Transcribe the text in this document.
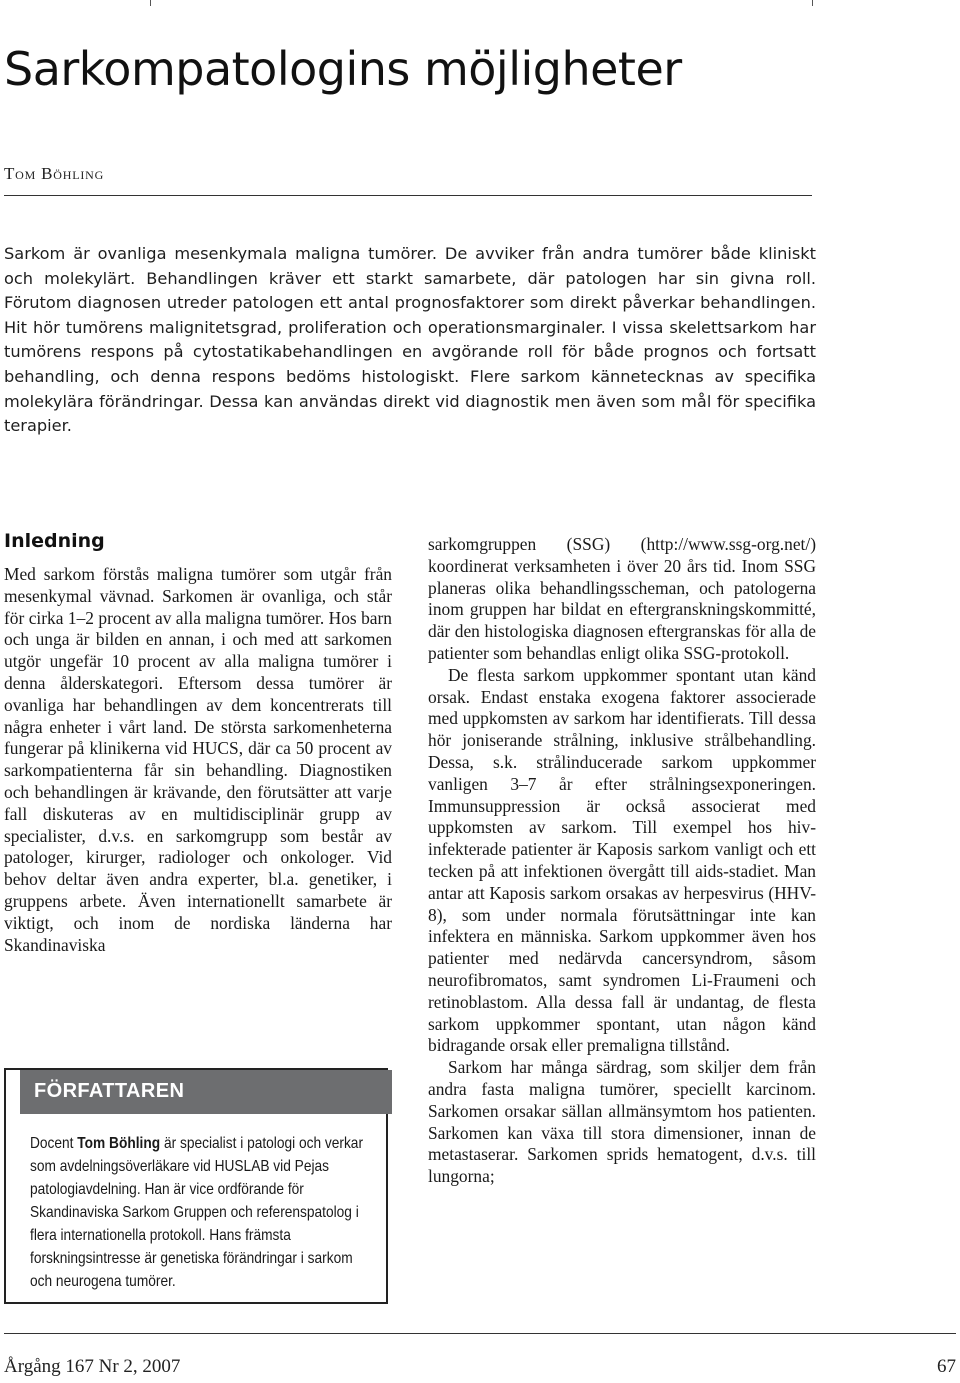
Sarkompatologins möjligheter
Tom Böhling

Sarkom är ovanliga mesenkymala maligna tumörer. De avviker från andra tumörer både kliniskt och molekylärt. Behandlingen kräver ett starkt samarbete, där patologen har sin givna roll. Förutom diagnosen utreder patologen ett antal prognosfaktorer som direkt påverkar behandlingen. Hit hör tumörens malignitetsgrad, proliferation och operationsmarginaler. I vissa skelettsarkom har tumörens respons på cytostatikabehandlingen en avgörande roll för både prognos och fortsatt behandling, och denna respons bedöms histologiskt. Flere sarkom kännetecknas av specifika molekylära förändringar. Dessa kan användas direkt vid diagnostik men även som mål för specifika terapier.

Inledning

Med sarkom förstås maligna tumörer som utgår från mesenkymal vävnad. Sarkomen är ovanliga, och står för cirka 1–2 procent av alla maligna tumörer. Hos barn och unga är bilden en annan, i och med att sarkomen utgör ungefär 10 procent av alla maligna tumörer i denna ålderskategori. Eftersom dessa tumörer är ovanliga har behandlingen av dem koncentrerats till några enheter i vårt land. De största sarkomenheterna fungerar på klinikerna vid HUCS, där ca 50 procent av sarkompatienterna får sin behandling. Diagnostiken och behandlingen är krävande, den förutsätter att varje fall diskuteras av en multidisciplinär grupp av specialister, d.v.s. en sarkomgrupp som består av patologer, kirurger, radiologer och onkologer. Vid behov deltar även andra experter, bl.a. genetiker, i gruppens arbete. Även internationellt samarbete är viktigt, och inom de nordiska länderna har Skandinaviska

sarkomgruppen (SSG) (http://www.ssg-org.net/) koordinerat verksamheten i över 20 års tid. Inom SSG planeras olika behandlingsscheman, och patologerna inom gruppen har bildat en eftergranskningskommitté, där den histologiska diagnosen eftergranskas för alla de patienter som behandlas enligt olika SSG-protokoll.

De flesta sarkom uppkommer spontant utan känd orsak. Endast enstaka exogena faktorer associerade med uppkomsten av sarkom har identifierats. Till dessa hör joniserande strålning, inklusive strålbehandling. Dessa, s.k. strålinducerade sarkom uppkommer vanligen 3–7 år efter strålningsexponeringen. Immunsuppression är också associerat med uppkomsten av sarkom. Till exempel hos hiv-infekterade patienter är Kaposis sarkom vanligt och ett tecken på att infektionen övergått till aids-stadiet. Man antar att Kaposis sarkom orsakas av herpesvirus (HHV-8), som under normala förutsättningar inte kan infektera en människa. Sarkom uppkommer även hos patienter med nedärvda cancersyndrom, såsom neurofibromatos, samt syndromen Li-Fraumeni och retinoblastom. Alla dessa fall är undantag, de flesta sarkom uppkommer spontant, utan någon känd bidragande orsak eller premaligna tillstånd.

Sarkom har många särdrag, som skiljer dem från andra fasta maligna tumörer, speciellt karcinom. Sarkomen orsakar sällan allmänsymtom hos patienten. Sarkomen kan växa till stora dimensioner, innan de metastaserar. Sarkomen sprids hematogent, d.v.s. till lungorna;

FÖRFATTAREN

Docent Tom Böhling är specialist i patologi och verkar som avdelningsöverläkare vid HUSLAB vid Pejas patologiavdelning. Han är vice ordförande för Skandinaviska Sarkom Gruppen och referenspatolog i flera internationella protokoll. Hans främsta forskningsintresse är genetiska förändringar i sarkom och neurogena tumörer.

Årgång 167 Nr 2, 2007	67
